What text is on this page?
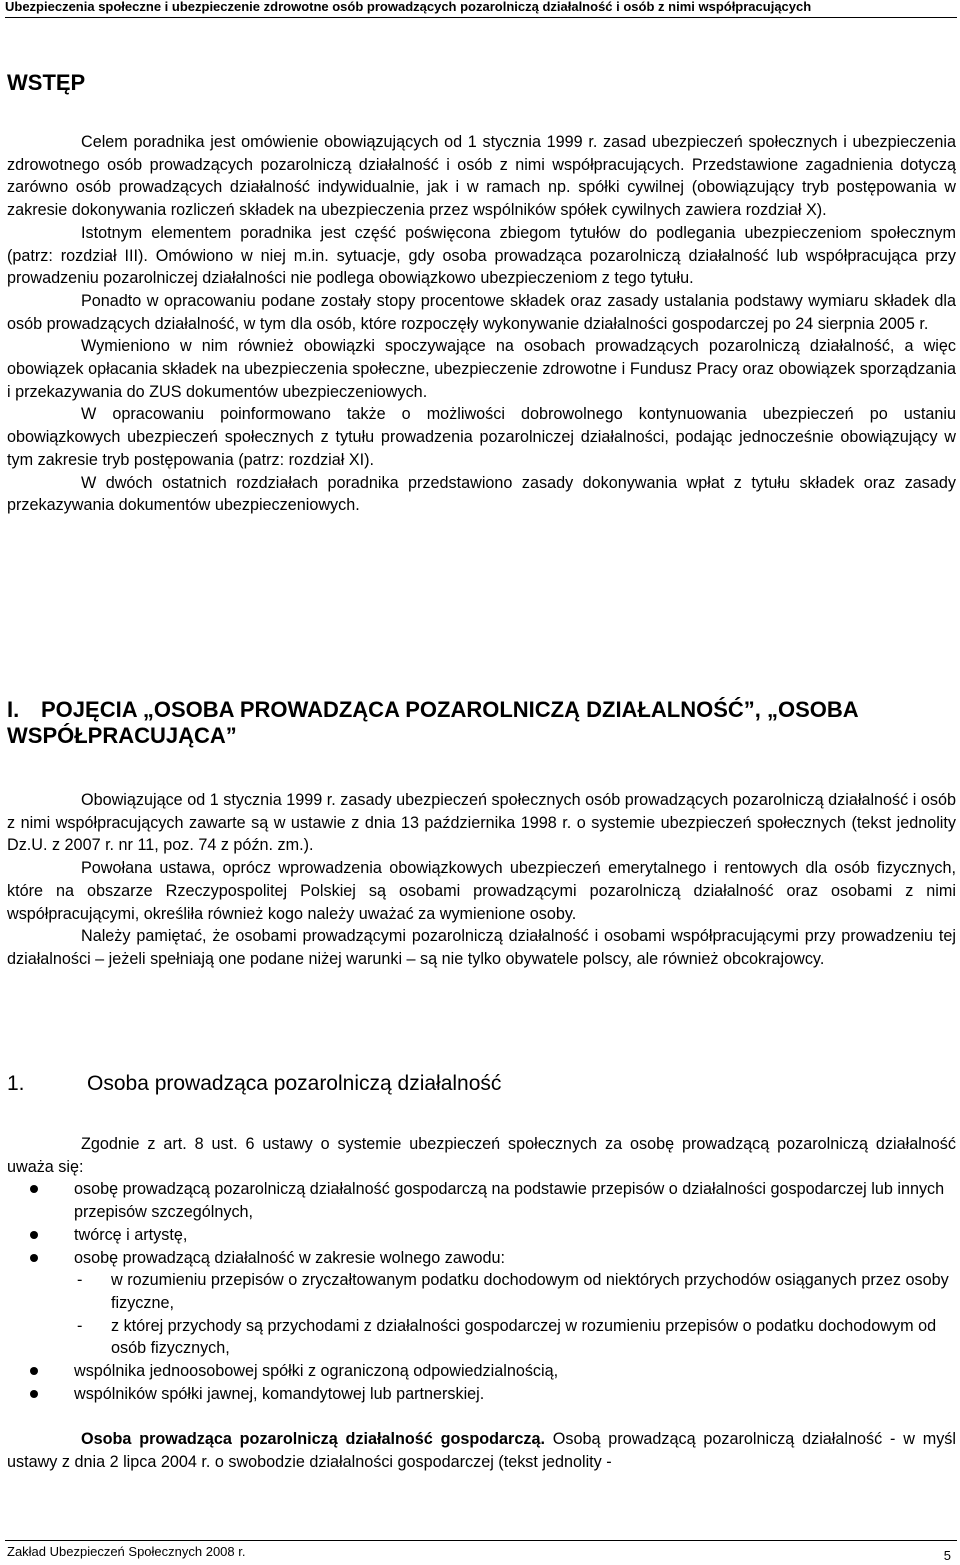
Ubezpieczenia społeczne i ubezpieczenie zdrowotne osób prowadzących pozarolniczą działalność i osób z nimi współpracujących
WSTĘP

Celem poradnika jest omówienie obowiązujących od 1 stycznia 1999 r. zasad ubezpieczeń społecznych i ubezpieczenia zdrowotnego osób prowadzących pozarolniczą działalność i osób z nimi współpracujących. Przedstawione zagadnienia dotyczą zarówno osób prowadzących działalność indywidualnie, jak i w ramach np. spółki cywilnej (obowiązujący tryb postępowania w zakresie dokonywania rozliczeń składek na ubezpieczenia przez wspólników spółek cywilnych zawiera rozdział X).

Istotnym elementem poradnika jest część poświęcona zbiegom tytułów do podlegania ubezpieczeniom społecznym (patrz: rozdział III). Omówiono w niej m.in. sytuacje, gdy osoba prowadząca pozarolniczą działalność lub współpracująca przy prowadzeniu pozarolniczej działalności nie podlega obowiązkowo ubezpieczeniom z tego tytułu.

Ponadto w opracowaniu podane zostały stopy procentowe składek oraz zasady ustalania podstawy wymiaru składek dla osób prowadzących działalność, w tym dla osób, które rozpoczęły wykonywanie działalności gospodarczej po 24 sierpnia 2005 r.

Wymieniono w nim również obowiązki spoczywające na osobach prowadzących pozarolniczą działalność, a więc obowiązek opłacania składek na ubezpieczenia społeczne, ubezpieczenie zdrowotne i Fundusz Pracy oraz obowiązek sporządzania i przekazywania do ZUS dokumentów ubezpieczeniowych.

W opracowaniu poinformowano także o możliwości dobrowolnego kontynuowania ubezpieczeń po ustaniu obowiązkowych ubezpieczeń społecznych z tytułu prowadzenia pozarolniczej działalności, podając jednocześnie obowiązujący w tym zakresie tryb postępowania (patrz: rozdział XI).

W dwóch ostatnich rozdziałach poradnika przedstawiono zasady dokonywania wpłat z tytułu składek oraz zasady przekazywania dokumentów ubezpieczeniowych.

I. POJĘCIA „OSOBA PROWADZĄCA POZAROLNICZĄ DZIAŁALNOŚĆ”, „OSOBA WSPÓŁPRACUJĄCA”

Obowiązujące od 1 stycznia 1999 r. zasady ubezpieczeń społecznych osób prowadzących pozarolniczą działalność i osób z nimi współpracujących zawarte są w ustawie z dnia 13 października 1998 r. o systemie ubezpieczeń społecznych (tekst jednolity Dz.U. z 2007 r. nr 11, poz. 74 z późn. zm.).

Powołana ustawa, oprócz wprowadzenia obowiązkowych ubezpieczeń emerytalnego i rentowych dla osób fizycznych, które na obszarze Rzeczypospolitej Polskiej są osobami prowadzącymi pozarolniczą działalność oraz osobami z nimi współpracującymi, określiła również kogo należy uważać za wymienione osoby.

Należy pamiętać, że osobami prowadzącymi pozarolniczą działalność i osobami współpracującymi przy prowadzeniu tej działalności – jeżeli spełniają one podane niżej warunki – są nie tylko obywatele polscy, ale również obcokrajowcy.

1.	Osoba prowadząca pozarolniczą działalność

Zgodnie z art. 8 ust. 6 ustawy o systemie ubezpieczeń społecznych za osobę prowadzącą pozarolniczą działalność uważa się:

osobę prowadzącą pozarolniczą działalność gospodarczą na podstawie przepisów o działalności gospodarczej lub innych przepisów szczególnych,
twórcę i artystę,
osobę prowadzącą działalność w zakresie wolnego zawodu:
- w rozumieniu przepisów o zryczałtowanym podatku dochodowym od niektórych przychodów osiąganych przez osoby fizyczne,
- z której przychody są przychodami z działalności gospodarczej w rozumieniu przepisów o podatku dochodowym od osób fizycznych,
wspólnika jednoosobowej spółki z ograniczoną odpowiedzialnością,
wspólników spółki jawnej, komandytowej lub partnerskiej.

Osoba prowadząca pozarolniczą działalność gospodarczą. Osobą prowadzącą pozarolniczą działalność - w myśl ustawy z dnia 2 lipca 2004 r. o swobodzie działalności gospodarczej (tekst jednolity -

Zakład Ubezpieczeń Społecznych 2008 r.	5
